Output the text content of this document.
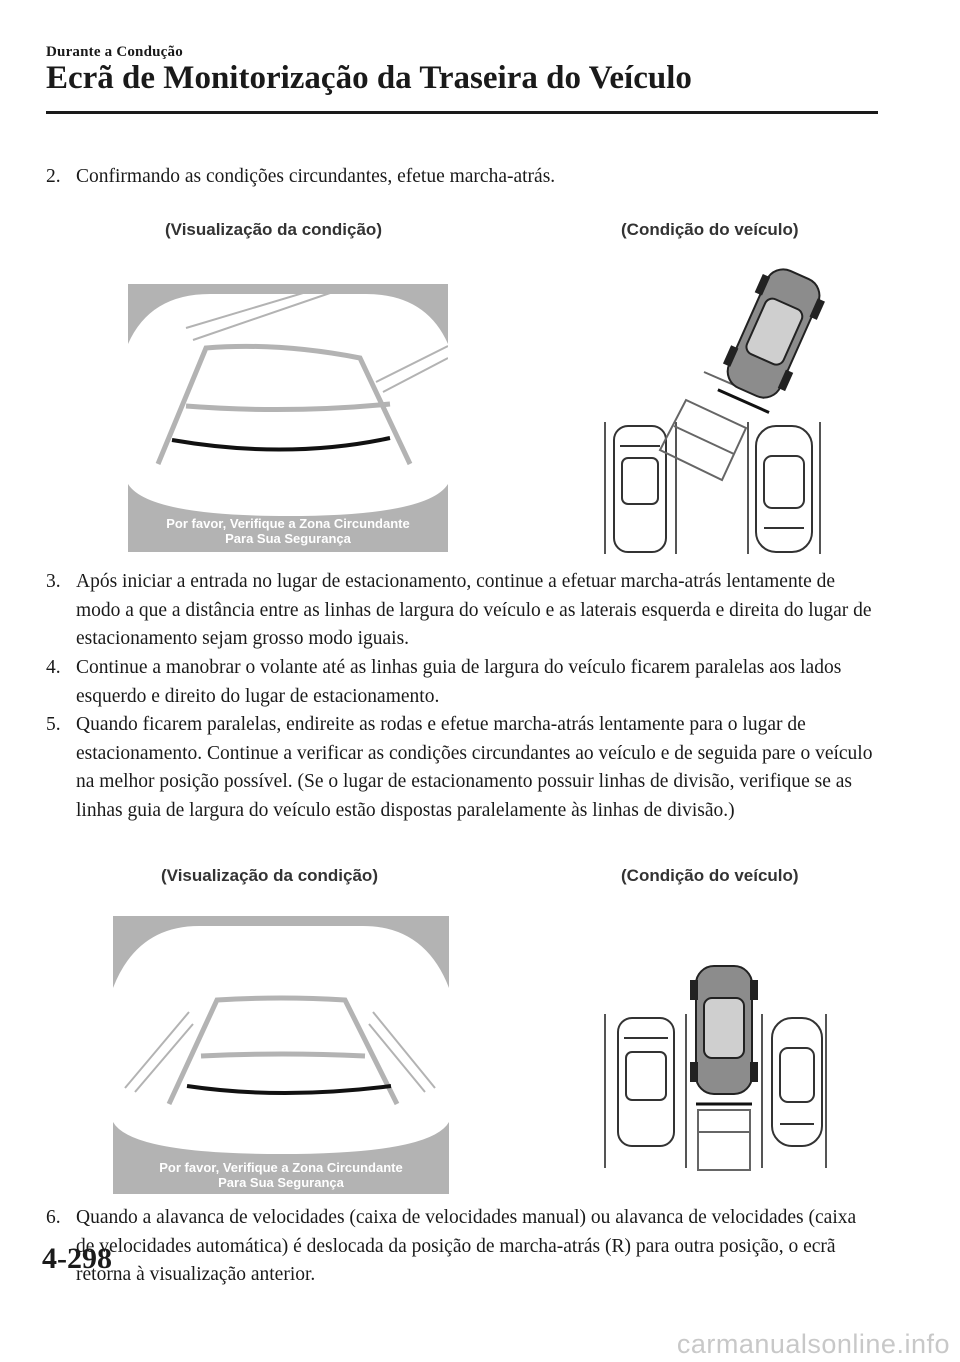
Durante a Condução
Ecrã de Monitorização da Traseira do Veículo
2. Confirmando as condições circundantes, efetue marcha-atrás.
(Visualização da condição)	(Condição do veículo)
Por favor, Verifique a Zona Circundante
Para Sua Segurança
3. Após iniciar a entrada no lugar de estacionamento, continue a efetuar marcha-atrás lentamente de modo a que a distância entre as linhas de largura do veículo e as laterais esquerda e direita do lugar de estacionamento sejam grosso modo iguais.
4. Continue a manobrar o volante até as linhas guia de largura do veículo ficarem paralelas aos lados esquerdo e direito do lugar de estacionamento.
5. Quando ficarem paralelas, endireite as rodas e efetue marcha-atrás lentamente para o lugar de estacionamento. Continue a verificar as condições circundantes ao veículo e de seguida pare o veículo na melhor posição possível. (Se o lugar de estacionamento possuir linhas de divisão, verifique se as linhas guia de largura do veículo estão dispostas paralelamente às linhas de divisão.)
(Visualização da condição)	(Condição do veículo)
Por favor, Verifique a Zona Circundante
Para Sua Segurança
6. Quando a alavanca de velocidades (caixa de velocidades manual) ou alavanca de velocidades (caixa de velocidades automática) é deslocada da posição de marcha-atrás (R) para outra posição, o ecrã retorna à visualização anterior.
4-298
carmanualsonline.info
